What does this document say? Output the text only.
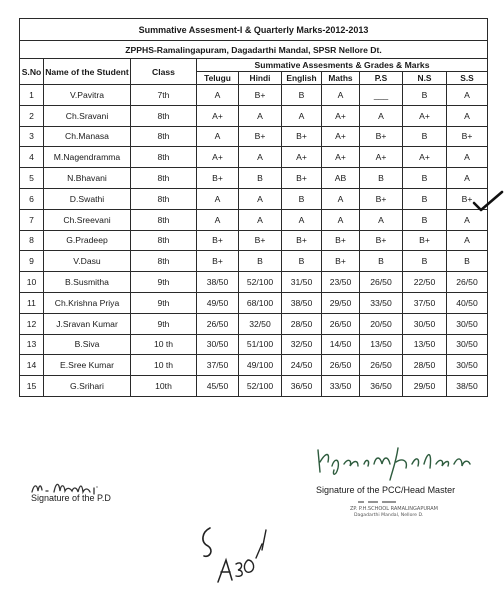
Summative Assesment-I & Quarterly Marks-2012-2013									
ZPPHS-Ramalingapuram, Dagadarthi Mandal, SPSR Nellore Dt.									
S.No	Name of the Student	Class	Summative Assesments & Grades & Marks						
			Telugu	Hindi	English	Maths	P.S	N.S	S.S
1	V.Pavitra	7th	A	B+	B	A	___	B	A
2	Ch.Sravani	8th	A+	A	A	A+	A	A+	A
3	Ch.Manasa	8th	A	B+	B+	A+	B+	B	B+
4	M.Nagendramma	8th	A+	A	A+	A+	A+	A+	A
5	N.Bhavani	8th	B+	B	B+	AB	B	B	A
6	D.Swathi	8th	A	A	B	A	B+	B	B+
7	Ch.Sreevani	8th	A	A	A	A	A	B	A
8	G.Pradeep	8th	B+	B+	B+	B+	B+	B+	A
9	V.Dasu	8th	B+	B	B	B+	B	B	B
10	B.Susmitha	9th	38/50	52/100	31/50	23/50	26/50	22/50	26/50
11	Ch.Krishna Priya	9th	49/50	68/100	38/50	29/50	33/50	37/50	40/50
12	J.Sravan Kumar	9th	26/50	32/50	28/50	26/50	20/50	30/50	30/50
13	B.Siva	10 th	30/50	51/100	32/50	14/50	13/50	13/50	30/50
14	E.Sree Kumar	10 th	37/50	49/100	24/50	26/50	26/50	28/50	30/50
15	G.Srihari	10th	45/50	52/100	36/50	33/50	36/50	29/50	38/50
Signature of the P.D
Signature of the PCC/Head Master
ZP. P.H.SCHOOL RAMALINGAPURAM
Dagadarthi Mandal, Nellore D.
